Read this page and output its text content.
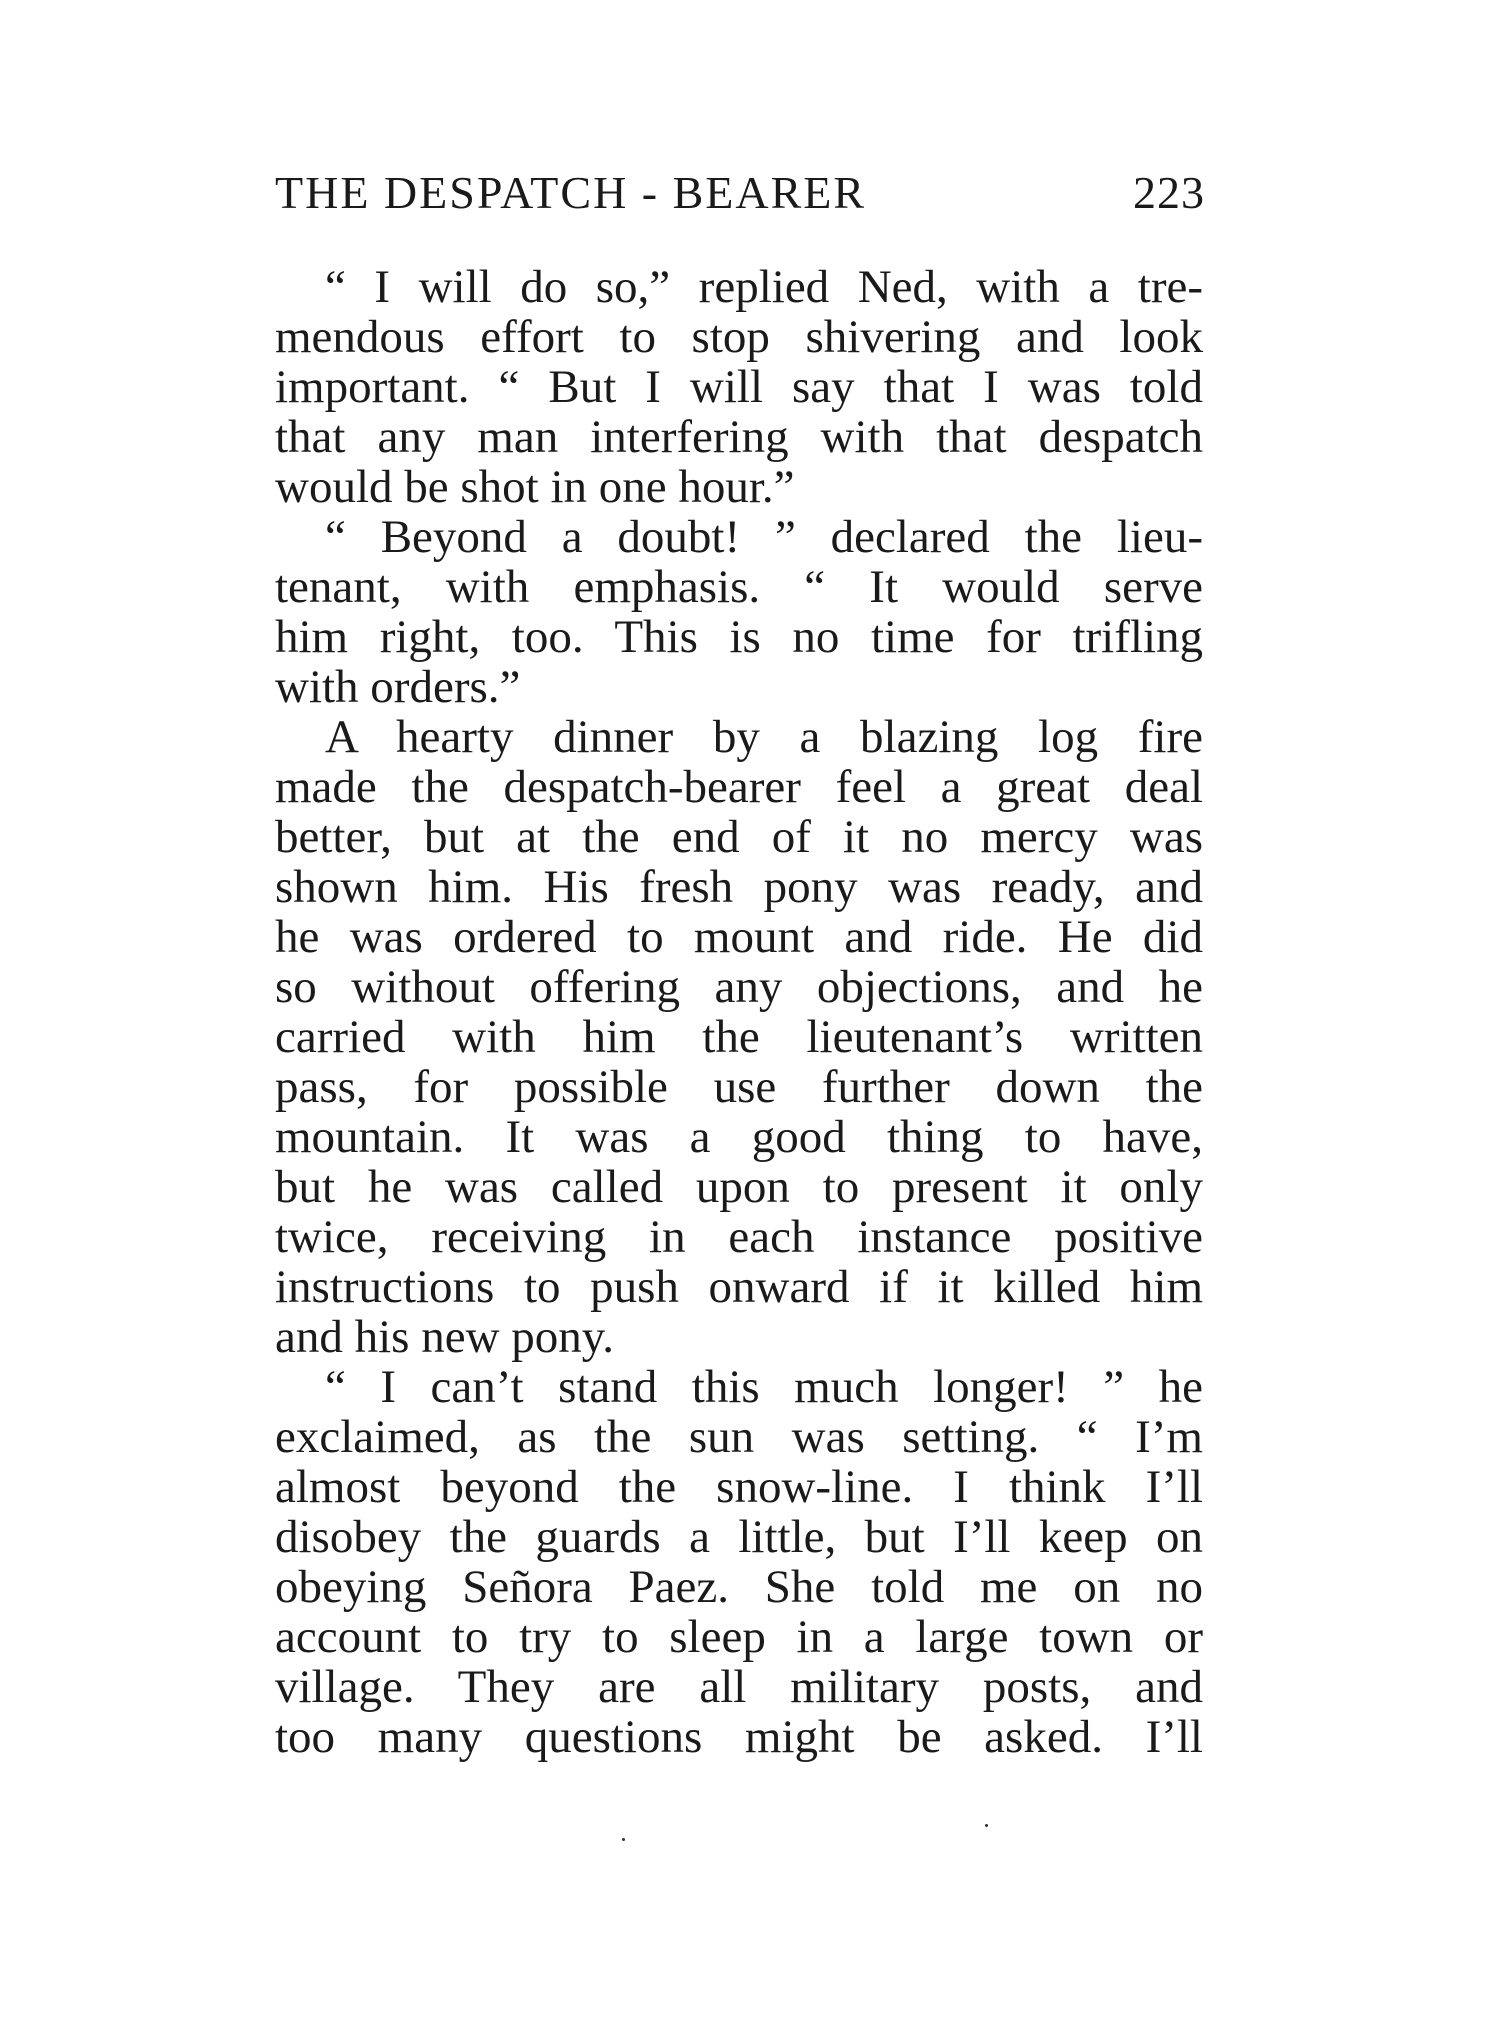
THE DESPATCH - BEARER	223
“ I will do so,” replied Ned, with a tre-
mendous effort to stop shivering and look
important. “ But I will say that I was told
that any man interfering with that despatch
would be shot in one hour.”
“ Beyond a doubt! ” declared the lieu-
tenant, with emphasis. “ It would serve
him right, too. This is no time for trifling
with orders.”
A hearty dinner by a blazing log fire
made the despatch-bearer feel a great deal
better, but at the end of it no mercy was
shown him. His fresh pony was ready, and
he was ordered to mount and ride. He did
so without offering any objections, and he
carried with him the lieutenant’s written
pass, for possible use further down the
mountain. It was a good thing to have,
but he was called upon to present it only
twice, receiving in each instance positive
instructions to push onward if it killed him
and his new pony.
“ I can’t stand this much longer! ” he
exclaimed, as the sun was setting. “ I’m
almost beyond the snow-line. I think I’ll
disobey the guards a little, but I’ll keep on
obeying Señora Paez. She told me on no
account to try to sleep in a large town or
village. They are all military posts, and
too many questions might be asked. I’ll
